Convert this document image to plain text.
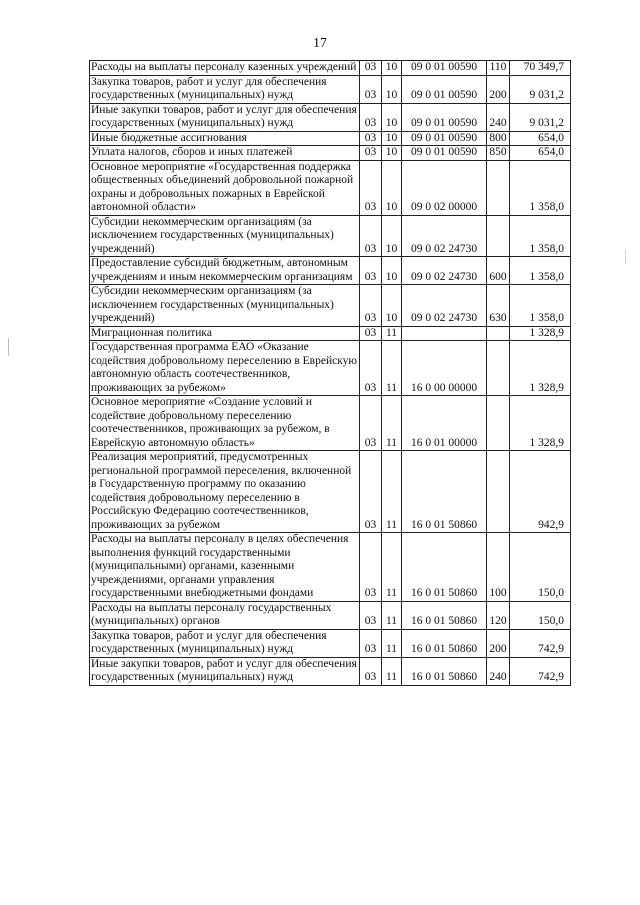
17
Расходы на выплаты персоналу казенных учреждений	03	10	09 0 01 00590	110	70 349,7
Закупка товаров, работ и услуг для обеспечения государственных (муниципальных) нужд	03	10	09 0 01 00590	200	9 031,2
Иные закупки товаров, работ и услуг для обеспечения государственных (муниципальных) нужд	03	10	09 0 01 00590	240	9 031,2
Иные бюджетные ассигнования	03	10	09 0 01 00590	800	654,0
Уплата налогов, сборов и иных платежей	03	10	09 0 01 00590	850	654,0
Основное мероприятие «Государственная поддержка общественных объединений добровольной пожарной охраны и добровольных пожарных в Еврейской автономной области»	03	10	09 0 02 00000		1 358,0
Субсидии некоммерческим организациям (за исключением государственных (муниципальных) учреждений)	03	10	09 0 02 24730		1 358,0
Предоставление субсидий бюджетным, автономным учреждениям и иным некоммерческим организациям	03	10	09 0 02 24730	600	1 358,0
Субсидии некоммерческим организациям (за исключением государственных (муниципальных) учреждений)	03	10	09 0 02 24730	630	1 358,0
Миграционная политика	03	11			1 328,9
Государственная программа ЕАО «Оказание содействия добровольному переселению в Еврейскую автономную область соотечественников, проживающих за рубежом»	03	11	16 0 00 00000		1 328,9
Основное мероприятие «Создание условий и содействие добровольному переселению соотечественников, проживающих за рубежом, в Еврейскую автономную область»	03	11	16 0 01 00000		1 328,9
Реализация мероприятий, предусмотренных региональной программой переселения, включенной в Государственную программу по оказанию содействия добровольному переселению в Российскую Федерацию соотечественников, проживающих за рубежом	03	11	16 0 01 50860		942,9
Расходы на выплаты персоналу в целях обеспечения выполнения функций государственными (муниципальными) органами, казенными учреждениями, органами управления государственными внебюджетными фондами	03	11	16 0 01 50860	100	150,0
Расходы на выплаты персоналу государственных (муниципальных) органов	03	11	16 0 01 50860	120	150,0
Закупка товаров, работ и услуг для обеспечения государственных (муниципальных) нужд	03	11	16 0 01 50860	200	742,9
Иные закупки товаров, работ и услуг для обеспечения государственных (муниципальных) нужд	03	11	16 0 01 50860	240	742,9
